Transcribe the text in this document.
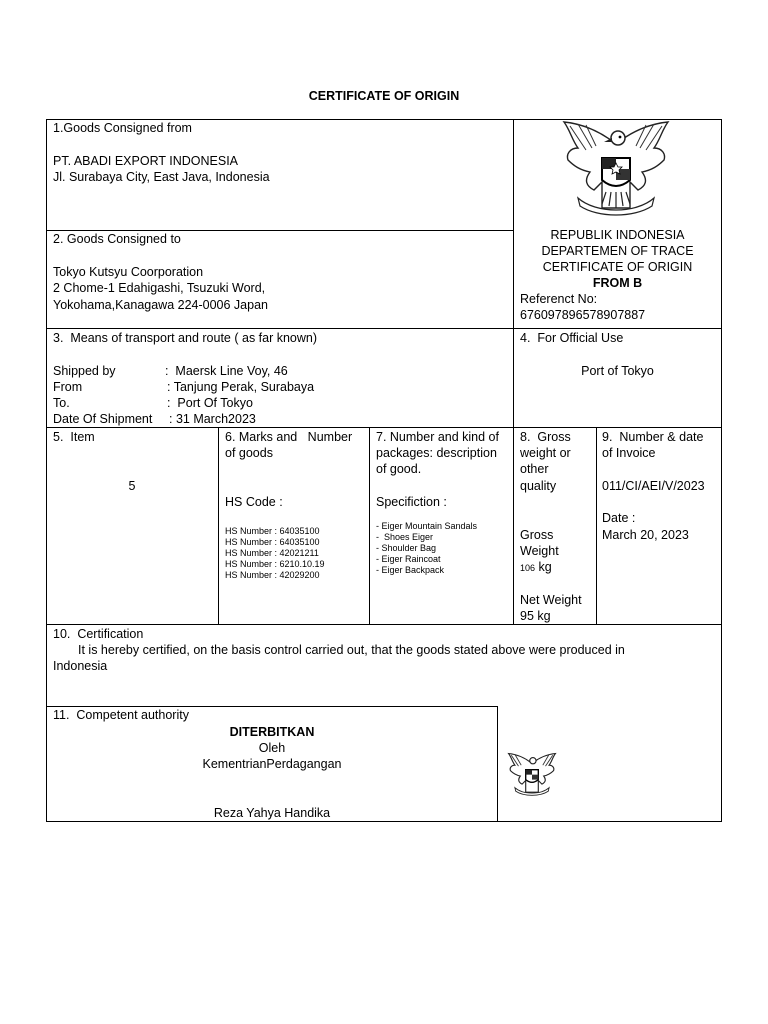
CERTIFICATE OF ORIGIN
1.Goods Consigned from
PT. ABADI EXPORT INDONESIA
Jl. Surabaya City, East Java, Indonesia
2. Goods Consigned to
Tokyo Kutsyu Coorporation
2 Chome-1 Edahigashi, Tsuzuki Word,
Yokohama,Kanagawa 224-0006 Japan
REPUBLIK INDONESIA
DEPARTEMEN OF TRACE
CERTIFICATE OF ORIGIN
FROM B
Referenct No:
676097896578907887
3.  Means of transport and route ( as far known)
Shipped by	:  Maersk Line Voy, 46
From	: Tanjung Perak, Surabaya
To.	:  Port Of Tokyo
Date Of Shipment : 31 March2023
4.  For Official Use
Port of Tokyo
5.  Item
5
6. Marks and   Number
of goods
HS Code :
HS Number : 64035100
HS Number : 64035100
HS Number : 42021211
HS Number : 6210.10.19
HS Number : 42029200
7. Number and kind of
packages: description
of good.
Specifiction :
- Eiger Mountain Sandals
-  Shoes Eiger
- Shoulder Bag
- Eiger Raincoat
- Eiger Backpack
8.  Gross
weight or
other
quality
Gross
Weight
106 kg
Net Weight
95 kg
9.  Number & date
of Invoice
011/CI/AEI/V/2023
Date :
March 20, 2023
10.  Certification
It is hereby certified, on the basis control carried out, that the goods stated above were produced in
Indonesia
11.  Competent authority
DITERBITKAN
Oleh
KementrianPerdagangan
Reza Yahya Handika
